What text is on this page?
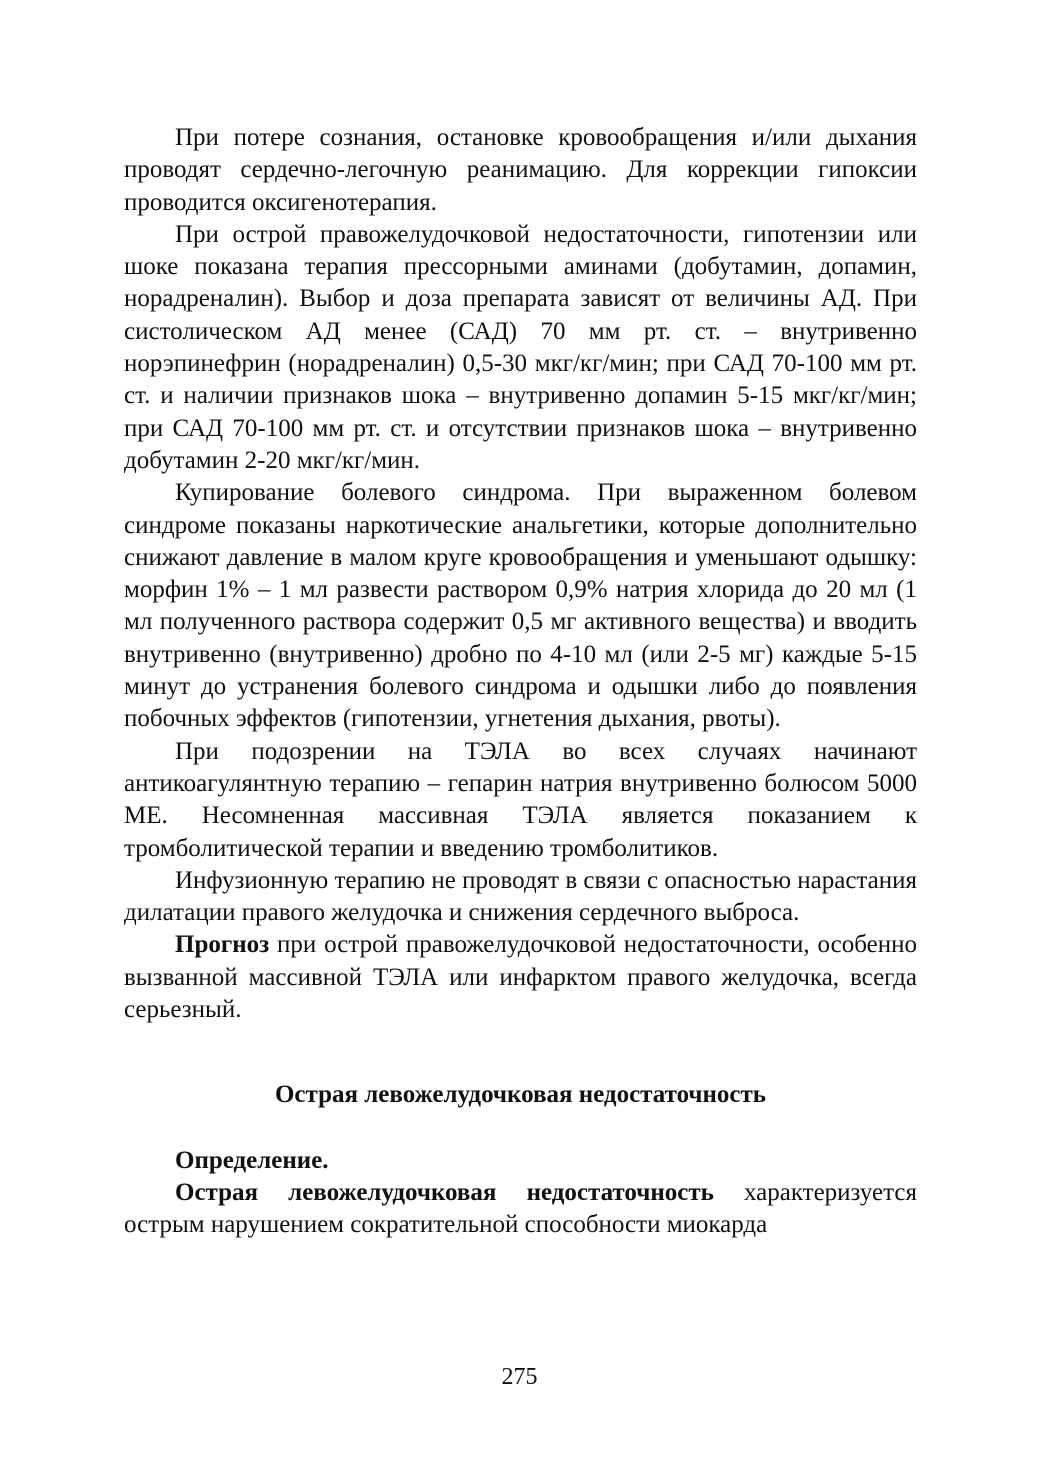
При потере сознания, остановке кровообращения и/или дыхания проводят сердечно-легочную реанимацию. Для коррекции гипоксии проводится оксигенотерапия.

При острой правожелудочковой недостаточности, гипотензии или шоке показана терапия прессорными аминами (добутамин, допамин, норадреналин). Выбор и доза препарата зависят от величины АД. При систолическом АД менее (САД) 70 мм рт. ст. – внутривенно норэпинефрин (норадреналин) 0,5-30 мкг/кг/мин; при САД 70-100 мм рт. ст. и наличии признаков шока – внутривенно допамин 5-15 мкг/кг/мин; при САД 70-100 мм рт. ст. и отсутствии признаков шока – внутривенно добутамин 2-20 мкг/кг/мин.

Купирование болевого синдрома. При выраженном болевом синдроме показаны наркотические анальгетики, которые дополнительно снижают давление в малом круге кровообращения и уменьшают одышку: морфин 1% – 1 мл развести раствором 0,9% натрия хлорида до 20 мл (1 мл полученного раствора содержит 0,5 мг активного вещества) и вводить внутривенно (внутривенно) дробно по 4-10 мл (или 2-5 мг) каждые 5-15 минут до устранения болевого синдрома и одышки либо до появления побочных эффектов (гипотензии, угнетения дыхания, рвоты).

При подозрении на ТЭЛА во всех случаях начинают антикоагулянтную терапию – гепарин натрия внутривенно болюсом 5000 МЕ. Несомненная массивная ТЭЛА является показанием к тромболитической терапии и введению тромболитиков.

Инфузионную терапию не проводят в связи с опасностью нарастания дилатации правого желудочка и снижения сердечного выброса.

Прогноз при острой правожелудочковой недостаточности, особенно вызванной массивной ТЭЛА или инфарктом правого желудочка, всегда серьезный.

Острая левожелудочковая недостаточность
Определение.

Острая левожелудочковая недостаточность характеризуется острым нарушением сократительной способности миокарда

275
